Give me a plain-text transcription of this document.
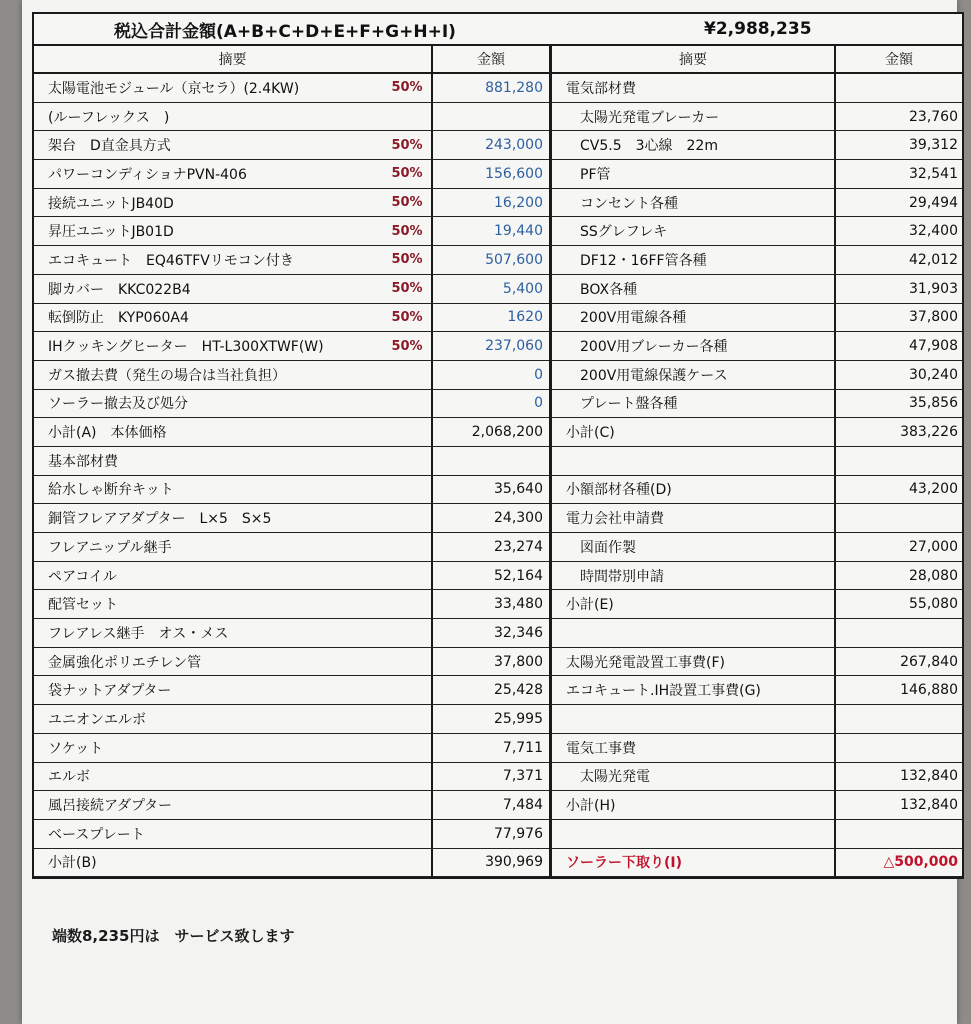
税込合計金額(A+B+C+D+E+F+G+H+I)	¥2,988,235
摘要	金額
太陽電池モジュール（京セラ）(2.4KW)	50%	881,280
(ルーフレックス　)
架台　D直金具方式	50%	243,000
パワーコンディショナPVN-406	50%	156,600
接続ユニットJB40D	50%	16,200
昇圧ユニットJB01D	50%	19,440
エコキュート　EQ46TFVリモコン付き	50%	507,600
脚カバー　KKC022B4	50%	5,400
転倒防止　KYP060A4	50%	1620
IHクッキングヒーター　HT-L300XTWF(W)	50%	237,060
ガス撤去費（発生の場合は当社負担）	0
ソーラー撤去及び処分	0
小計(A)　本体価格	2,068,200
基本部材費
給水しゃ断弁キット	35,640
銅管フレアアダプター　L×5　S×5	24,300
フレアニップル継手	23,274
ペアコイル	52,164
配管セット	33,480
フレアレス継手　オス・メス	32,346
金属強化ポリエチレン管	37,800
袋ナットアダプター	25,428
ユニオンエルボ	25,995
ソケット	7,711
エルボ	7,371
風呂接続アダプター	7,484
ベースプレート	77,976
小計(B)	390,969
摘要	金額
電気部材費
太陽光発電ブレーカー	23,760
CV5.5　3心線　22m	39,312
PF管	32,541
コンセント各種	29,494
SSグレフレキ	32,400
DF12・16FF管各種	42,012
BOX各種	31,903
200V用電線各種	37,800
200V用ブレーカー各種	47,908
200V用電線保護ケース	30,240
プレート盤各種	35,856
小計(C)	383,226
小額部材各種(D)	43,200
電力会社申請費
図面作製	27,000
時間帯別申請	28,080
小計(E)	55,080
太陽光発電設置工事費(F)	267,840
エコキュート.IH設置工事費(G)	146,880
電気工事費
太陽光発電	132,840
小計(H)	132,840
ソーラー下取り(I)	△500,000
端数8,235円は　サービス致します
